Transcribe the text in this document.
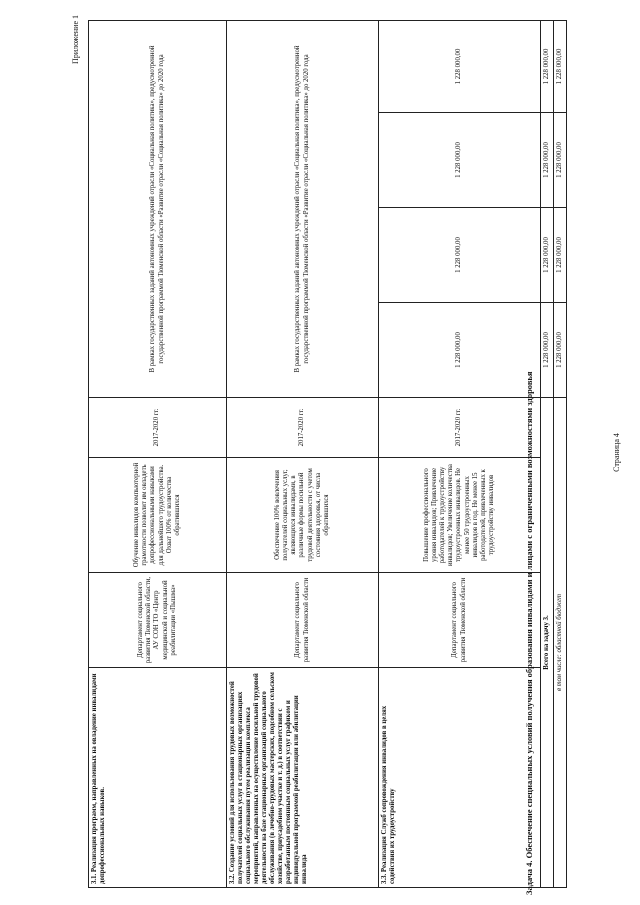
Приложение 1
3.1. Реализация программ, направленных на овладение инвалидами допрофессиональных навыков.	Департамент социального развития Тюменской области, АУ СОН ТО «Центр медицинской и социальной реабилитации «Пышма»	Обучение инвалидов компьютерной грамотности позволит им овладеть допрофессиональными навыками для дальнейшего трудоустройства. Охват 100% от количества обратившихся	2017-2020 гг.	В рамках государственных заданий автономных учреждений отрасли «Социальная политика», предусмотренной государственной программой Тюменской области «Развитие отрасли «Социальная политика» до 2020 года			
3.2. Создание условий для использования трудовых возможностей получателей социальных услуг в стационарных организациях социального обслуживания путем реализации комплекса мероприятий, направленных на осуществление посильной трудовой деятельности на базе стационарных организаций социального обслуживания (в лечебно-трудовых мастерских, подсобном сельском хозяйстве, приусадебном участке и т. д.) в соответствии с разработанным постоянным социальных услуг графиком и индивидуальной программой реабилитации или абилитации инвалида	Департамент социального развития Тюменской области	Обеспечение 100% вовлечения получателей социальных услуг, являющихся инвалидами, в различные формы посильной трудовой деятельности с учетом состояния здоровья, от числа обратившихся	2017-2020 гг.	В рамках государственных заданий автономных учреждений отрасли «Социальная политика», предусмотренной государственной программой Тюменской области «Развитие отрасли «Социальная политика» до 2020 года			
3.3. Реализация Служб сопровождения инвалидов в целях содействия их трудоустройству	Департамент социального развития Тюменской области	Повышение профессионального уровня инвалидов; Привлечение работодателей к трудоустройству инвалидов; Увеличение количества трудоустроенных инвалидов. Не менее 50 трудоустроенных инвалидов в год. Не менее 15 работодателей, привлеченных к трудоустройству инвалидов	2017-2020 гг.	1 228 000,00	1 228 000,00	1 228 000,00	1 228 000,00
Всего на задачу 3.				1 228 000,00	1 228 000,00	1 228 000,00	1 228 000,00
в том числе: областной бюджет				1 228 000,00	1 228 000,00	1 228 000,00	1 228 000,00
Задача 4. Обеспечение специальных условий получения образования инвалидами и лицами с ограниченными возможностями здоровья	Страница 4
